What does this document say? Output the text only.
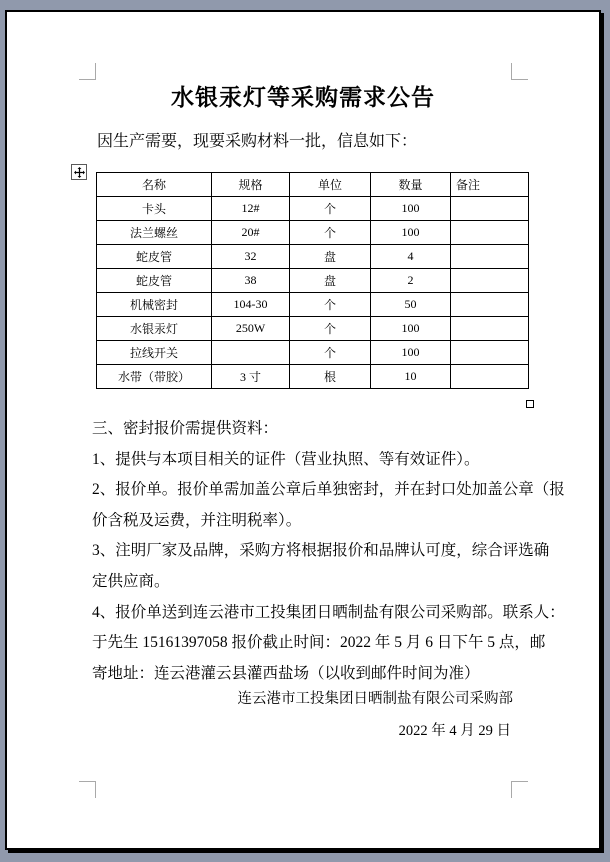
水银汞灯等采购需求公告
因生产需要，现要采购材料一批，信息如下：
名称	规格	单位	数量	备注
卡头	12#	个	100	
法兰螺丝	20#	个	100	
蛇皮管	32	盘	4	
蛇皮管	38	盘	2	
机械密封	104-30	个	50	
水银汞灯	250W	个	100	
拉线开关		个	100	
水带（带胶）	3 寸	根	10	
三、密封报价需提供资料：
1、提供与本项目相关的证件（营业执照、等有效证件）。
2、报价单。报价单需加盖公章后单独密封，并在封口处加盖公章（报
价含税及运费，并注明税率）。
3、注明厂家及品牌，采购方将根据报价和品牌认可度，综合评选确
定供应商。
4、报价单送到连云港市工投集团日晒制盐有限公司采购部。联系人：
于先生 15161397058 报价截止时间：2022 年 5 月 6 日下午 5 点，邮
寄地址：连云港灌云县灌西盐场（以收到邮件时间为准）
连云港市工投集团日晒制盐有限公司采购部
2022 年 4 月 29 日
